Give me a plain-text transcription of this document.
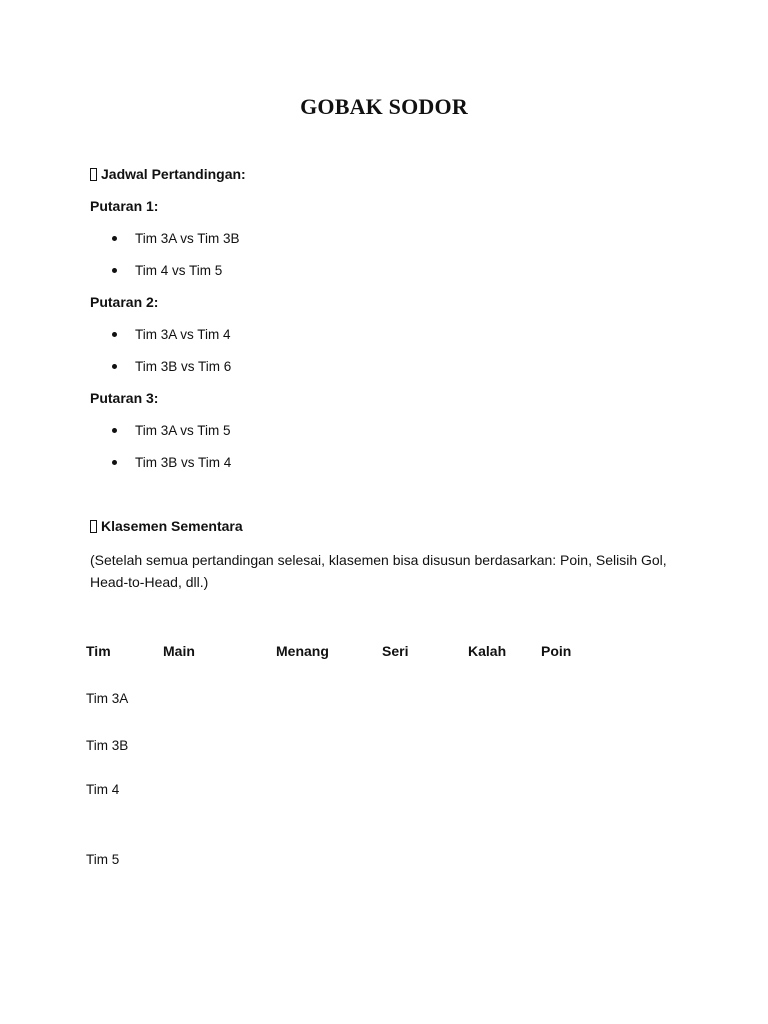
GOBAK SODOR
Jadwal Pertandingan:
Putaran 1:
Tim 3A vs Tim 3B
Tim 4 vs Tim 5
Putaran 2:
Tim 3A vs Tim 4
Tim 3B vs Tim 6
Putaran 3:
Tim 3A vs Tim 5
Tim 3B vs Tim 4
Klasemen Sementara
(Setelah semua pertandingan selesai, klasemen bisa disusun berdasarkan: Poin, Selisih Gol, Head-to-Head, dll.)
Tim	Main	Menang	Seri	Kalah Poin
Tim 3A
Tim 3B
Tim 4
Tim 5
